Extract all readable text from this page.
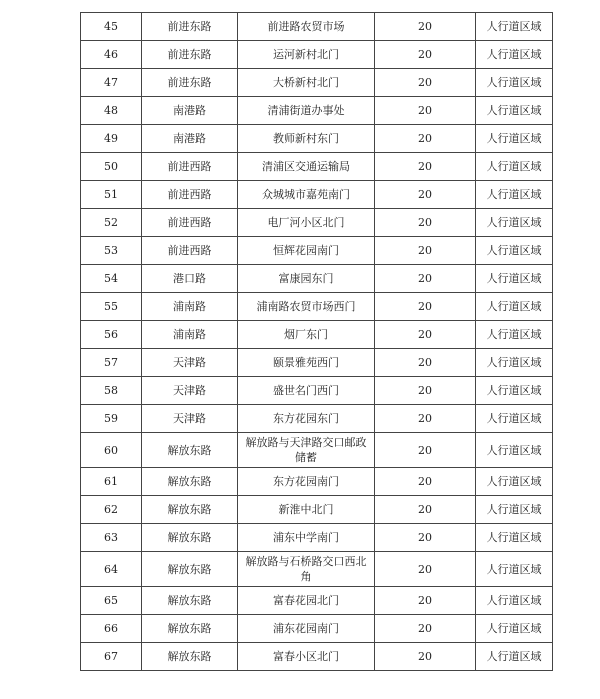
45	前进东路	前进路农贸市场	20	人行道区域
46	前进东路	运河新村北门	20	人行道区域
47	前进东路	大桥新村北门	20	人行道区域
48	南港路	清浦街道办事处	20	人行道区域
49	南港路	教师新村东门	20	人行道区域
50	前进西路	清浦区交通运输局	20	人行道区域
51	前进西路	众城城市嘉苑南门	20	人行道区域
52	前进西路	电厂河小区北门	20	人行道区域
53	前进西路	恒辉花园南门	20	人行道区域
54	港口路	富康园东门	20	人行道区域
55	浦南路	浦南路农贸市场西门	20	人行道区域
56	浦南路	烟厂东门	20	人行道区域
57	天津路	颐景雅苑西门	20	人行道区域
58	天津路	盛世名门西门	20	人行道区域
59	天津路	东方花园东门	20	人行道区域
60	解放东路	解放路与天津路交口邮政储蓄	20	人行道区域
61	解放东路	东方花园南门	20	人行道区域
62	解放东路	新淮中北门	20	人行道区域
63	解放东路	浦东中学南门	20	人行道区域
64	解放东路	解放路与石桥路交口西北角	20	人行道区域
65	解放东路	富春花园北门	20	人行道区域
66	解放东路	浦东花园南门	20	人行道区域
67	解放东路	富春小区北门	20	人行道区域
